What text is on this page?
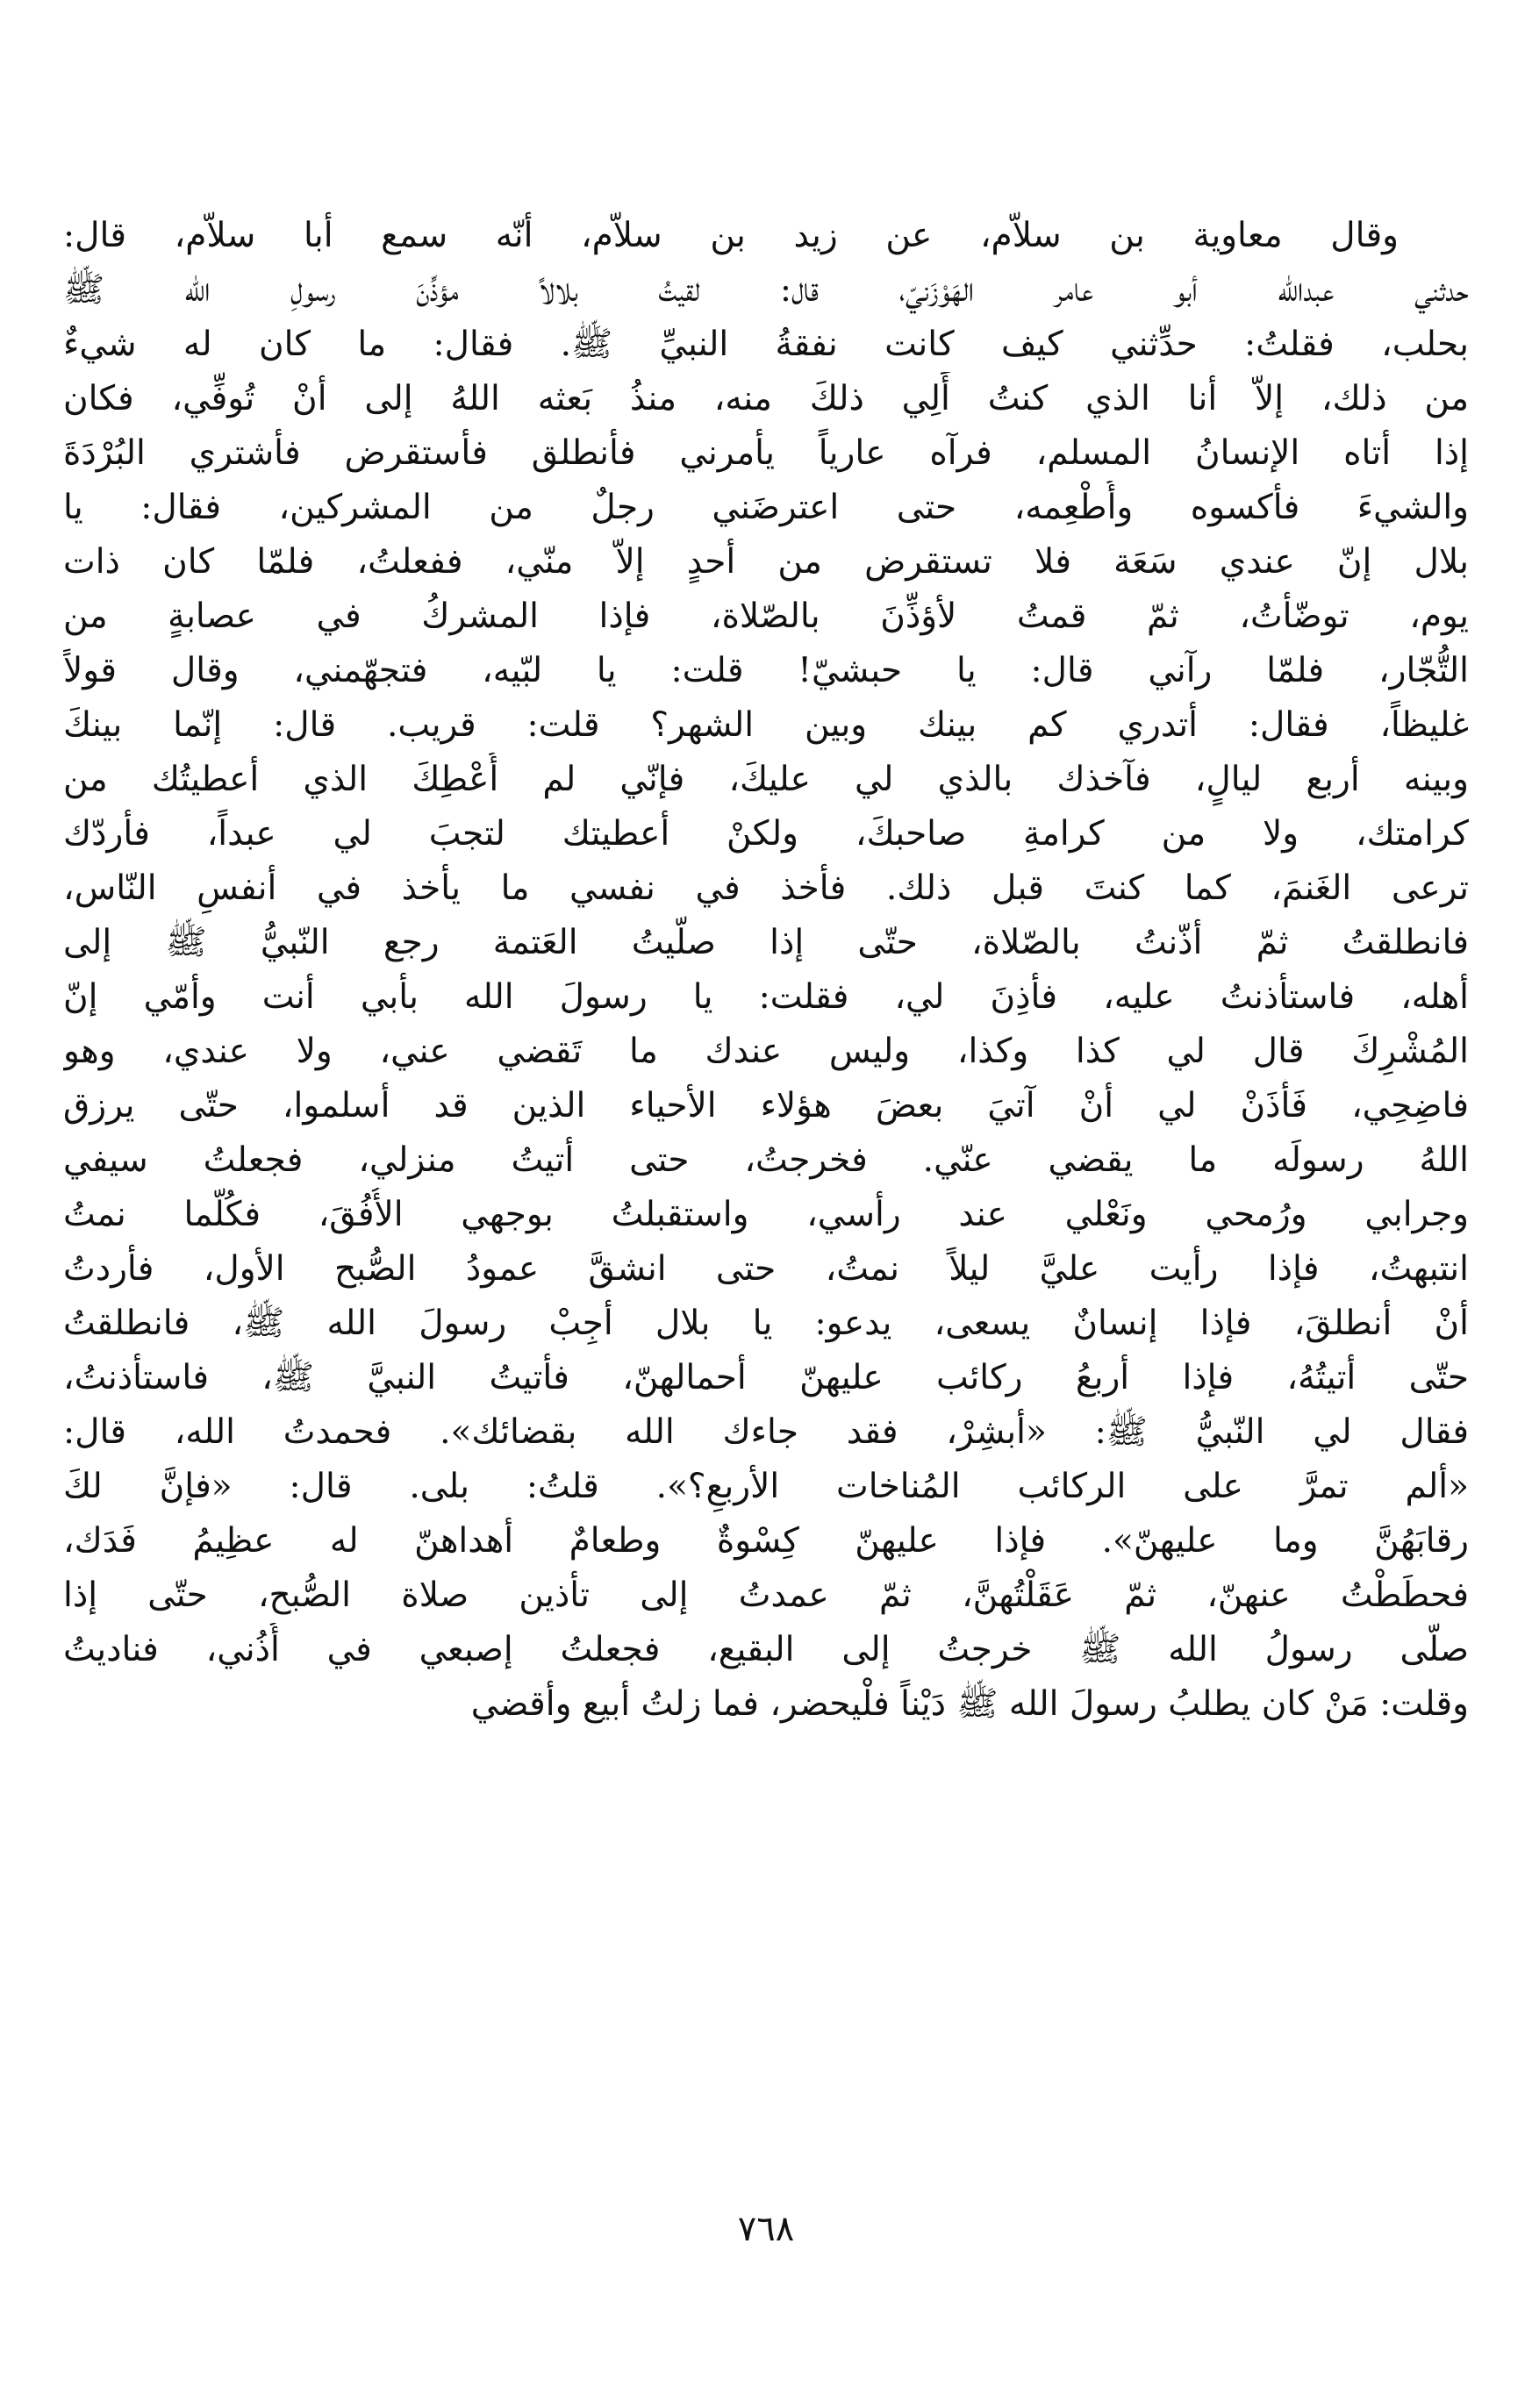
وقال معاوية بن سلاّم، عن زيد بن سلاّم، أنّه سمع أبا سلاّم، قال:
حدثني عبدالله أبو عامر الهَوْزَنيّ، قال: لقيتُ بلالاً مؤذِّنَ رسولِ الله ﷺ
بحلب، فقلتُ: حدِّثني كيف كانت نفقةُ النبيِّ ﷺ. فقال: ما كان له شيءٌ
من ذلك، إلاّ أنا الذي كنتُ أَلِي ذلكَ منه، منذُ بَعثه اللهُ إلى أنْ تُوفِّي، فكان
إذا أتاه الإنسانُ المسلم، فرآه عارياً يأمرني فأنطلق فأستقرض فأشتري البُرْدَةَ
والشيءَ فأكسوه وأُطْعِمه، حتى اعترضَني رجلٌ من المشركين، فقال: يا
بلال إنّ عندي سَعَة فلا تستقرض من أحدٍ إلاّ منّي، ففعلتُ، فلمّا كان ذات
يوم، توضّأتُ، ثمّ قمتُ لأؤذِّنَ بالصّلاة، فإذا المشركُ في عصابةٍ من
التُّجّار، فلمّا رآني قال: يا حبشيّ! قلت: يا لبّيه، فتجهّمني، وقال قولاً
غليظاً، فقال: أتدري كم بينك وبين الشهر؟ قلت: قريب. قال: إنّما بينكَ
وبينه أربع ليالٍ، فآخذك بالذي لي عليكَ، فإنّي لم أُعْطِكَ الذي أعطيتُك من
كرامتك، ولا من كرامةِ صاحبكَ، ولكنْ أعطيتك لتجبَ لي عبداً، فأردّك
ترعى الغَنمَ، كما كنتَ قبل ذلك. فأخذ في نفسي ما يأخذ في أنفسِ النّاس،
فانطلقتُ ثمّ أذّنتُ بالصّلاة، حتّى إذا صلّيتُ العَتمة رجع النّبيُّ ﷺ إلى
أهله، فاستأذنتُ عليه، فأذِنَ لي، فقلت: يا رسولَ الله بأبي أنت وأمّي إنّ
المُشْرِكَ قال لي كذا وكذا، وليس عندك ما تَقضي عني، ولا عندي، وهو
فاضِحِي، فَأْذَنْ لي أنْ آتيَ بعضَ هؤلاء الأحياء الذين قد أسلموا، حتّى يرزق
اللهُ رسولَه ما يقضي عنّي. فخرجتُ، حتى أتيتُ منزلي، فجعلتُ سيفي
وجرابي ورُمحي ونَعْلي عند رأسي، واستقبلتُ بوجهي الأُفُقَ، فكُلّما نمتُ
انتبهتُ، فإذا رأيت عليَّ ليلاً نمتُ، حتى انشقَّ عمودُ الصُّبح الأول، فأردتُ
أنْ أنطلقَ، فإذا إنسانٌ يسعى، يدعو: يا بلال أجِبْ رسولَ الله ﷺ، فانطلقتُ
حتّى أتيتُهُ، فإذا أربعُ ركائب عليهنّ أحمالهنّ، فأتيتُ النبيَّ ﷺ، فاستأذنتُ،
فقال لي النّبيُّ ﷺ: «أبشِرْ، فقد جاءك الله بقضائك». فحمدتُ الله، قال:
«ألم تمرَّ على الركائب المُناخات الأربعِ؟». قلتُ: بلى. قال: «فإنَّ لكَ
رقابَهُنَّ وما عليهنّ». فإذا عليهنّ كِسْوةٌ وطعامٌ أهداهنّ له عظِيمُ فَدَك،
فحطَطْتُ عنهنّ، ثمّ عَقَلْتُهنَّ، ثمّ عمدتُ إلى تأذين صلاة الصُّبح، حتّى إذا
صلّى رسولُ الله ﷺ خرجتُ إلى البقيع، فجعلتُ إصبعي في أُذُني، فناديتُ
وقلت: مَنْ كان يطلبُ رسولَ الله ﷺ دَيْناً فلْيحضر، فما زلتُ أبيع وأقضي
٧٦٨
